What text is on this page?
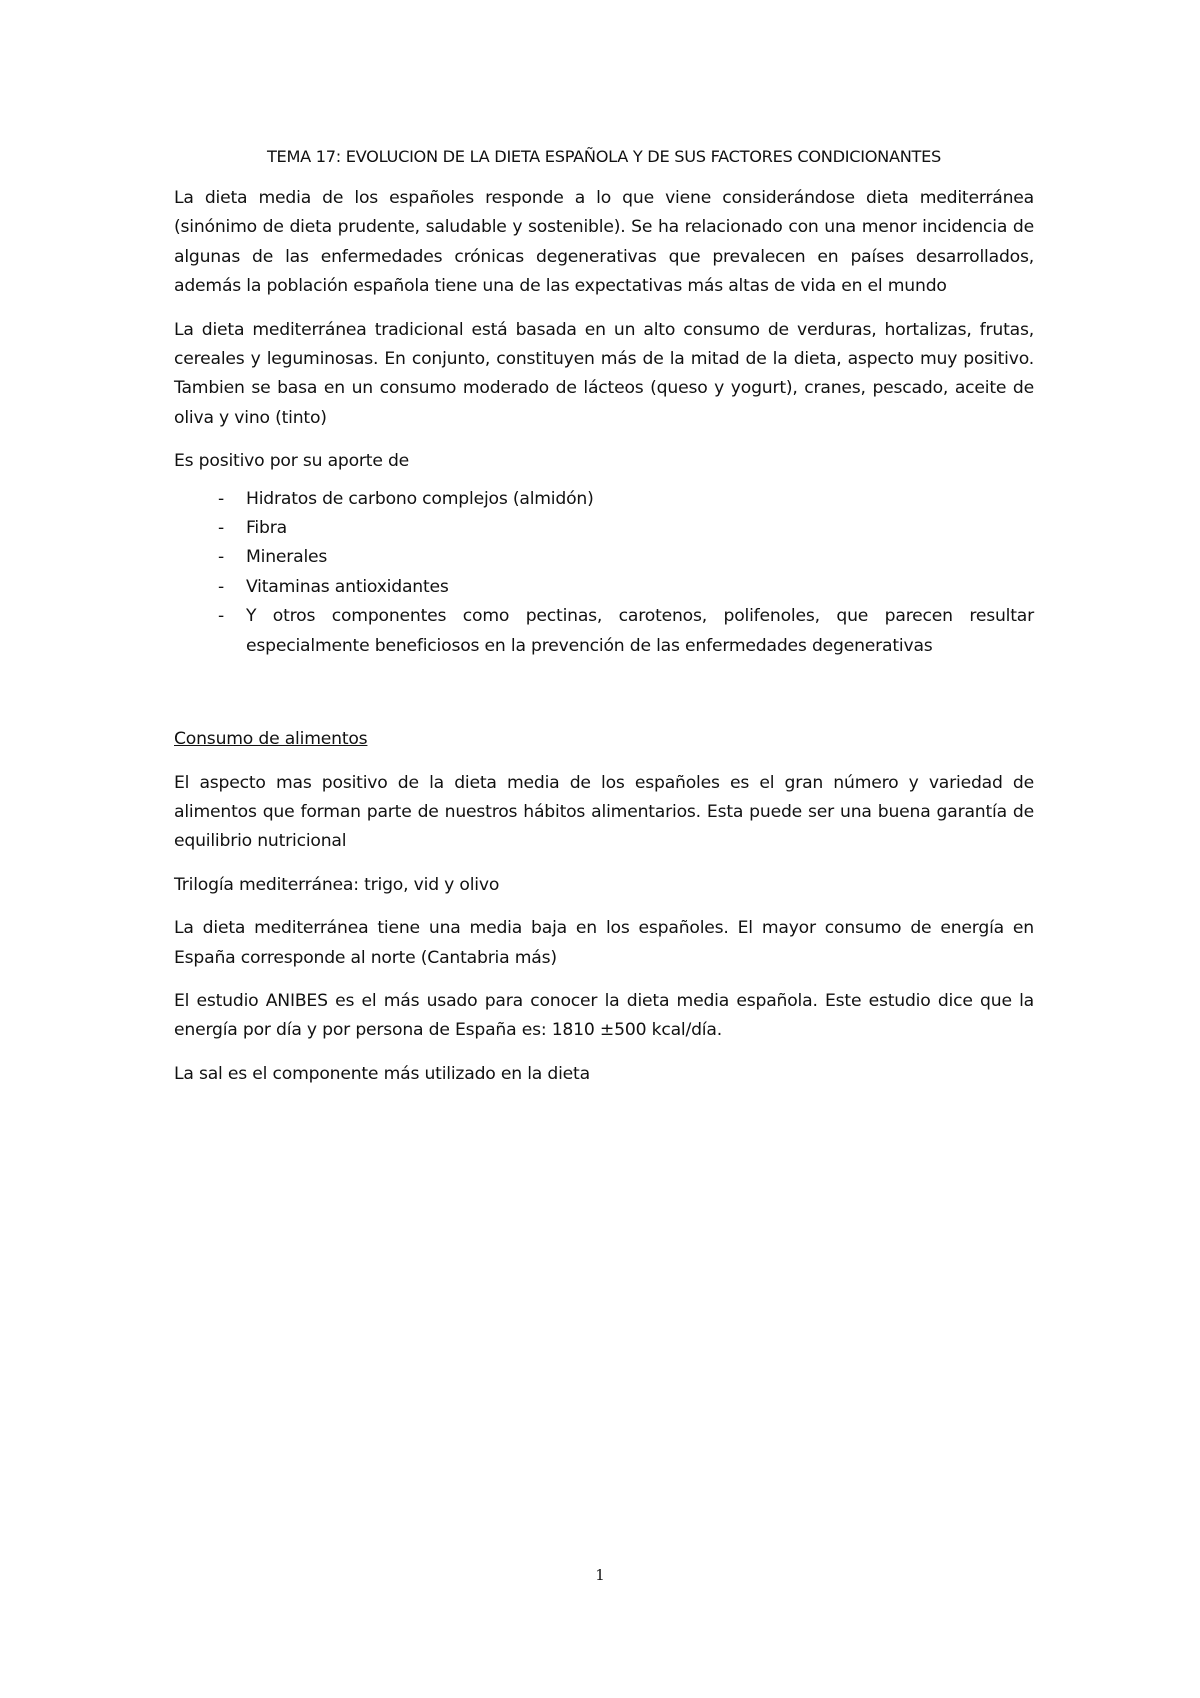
TEMA 17: EVOLUCION DE LA DIETA ESPAÑOLA Y DE SUS FACTORES CONDICIONANTES

La dieta media de los españoles responde a lo que viene considerándose dieta mediterránea (sinónimo de dieta prudente, saludable y sostenible). Se ha relacionado con una menor incidencia de algunas de las enfermedades crónicas degenerativas que prevalecen en países desarrollados, además la población española tiene una de las expectativas más altas de vida en el mundo

La dieta mediterránea tradicional está basada en un alto consumo de verduras, hortalizas, frutas, cereales y leguminosas. En conjunto, constituyen más de la mitad de la dieta, aspecto muy positivo. Tambien se basa en un consumo moderado de lácteos (queso y yogurt), cranes, pescado, aceite de oliva y vino (tinto)

Es positivo por su aporte de

- Hidratos de carbono complejos (almidón)
- Fibra
- Minerales
- Vitaminas antioxidantes
- Y otros componentes como pectinas, carotenos, polifenoles, que parecen resultar especialmente beneficiosos en la prevención de las enfermedades degenerativas
Consumo de alimentos

El aspecto mas positivo de la dieta media de los españoles es el gran número y variedad de alimentos que forman parte de nuestros hábitos alimentarios. Esta puede ser una buena garantía de equilibrio nutricional

Trilogía mediterránea: trigo, vid y olivo

La dieta mediterránea tiene una media baja en los españoles. El mayor consumo de energía en España corresponde al norte (Cantabria más)

El estudio ANIBES es el más usado para conocer la dieta media española. Este estudio dice que la energía por día y por persona de España es: 1810 ±500 kcal/día.

La sal es el componente más utilizado en la dieta

1
